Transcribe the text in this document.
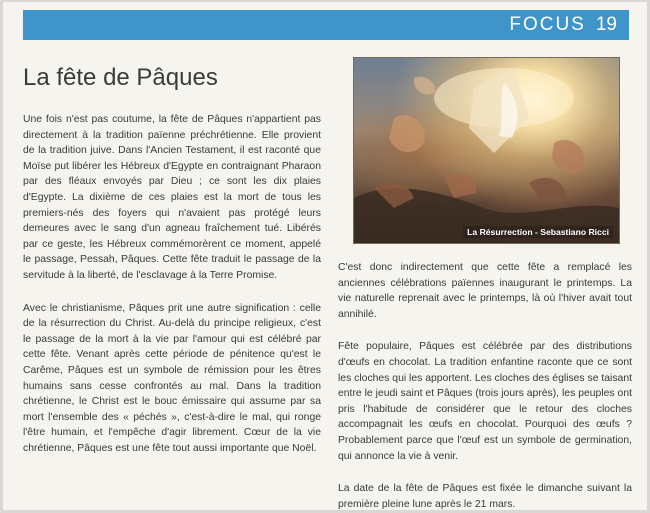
FOCUS 19
La fête de Pâques

Une fois n'est pas coutume, la fête de Pâques n'appartient pas directement à la tradition païenne préchrétienne. Elle provient de la tradition juive. Dans l'Ancien Testament, il est raconté que Moïse put libérer les Hébreux d'Egypte en contraignant Pharaon par des fléaux envoyés par Dieu ; ce sont les dix plaies d'Egypte. La dixième de ces plaies est la mort de tous les premiers-nés des foyers qui n'avaient pas protégé leurs demeures avec le sang d'un agneau fraîchement tué. Libérés par ce geste, les Hébreux commémorèrent ce moment, appelé le passage, Pessah, Pâques. Cette fête traduit le passage de la servitude à la liberté, de l'esclavage à la Terre Promise.

Avec le christianisme, Pâques prit une autre signification : celle de la résurrection du Christ. Au-delà du principe religieux, c'est le passage de la mort à la vie par l'amour qui est célébré par cette fête. Venant après cette période de pénitence qu'est le Carême, Pâques est un symbole de rémission pour les êtres humains sans cesse confrontés au mal. Dans la tradition chrétienne, le Christ est le bouc émissaire qui assume par sa mort l'ensemble des « péchés », c'est-à-dire le mal, qui ronge l'être humain, et l'empêche d'agir librement. Cœur de la vie chrétienne, Pâques est une fête tout aussi importante que Noël.

La Résurrection - Sebastiano Ricci

C'est donc indirectement que cette fête a remplacé les anciennes célébrations païennes inaugurant le printemps. La vie naturelle reprenait avec le printemps, là où l'hiver avait tout annihilé.

Fête populaire, Pâques est célébrée par des distributions d'œufs en chocolat. La tradition enfantine raconte que ce sont les cloches qui les apportent. Les cloches des églises se taisant entre le jeudi saint et Pâques (trois jours après), les peuples ont pris l'habitude de considérer que le retour des cloches accompagnait les œufs en chocolat. Pourquoi des œufs ? Probablement parce que l'œuf est un symbole de germination, qui annonce la vie à venir.

La date de la fête de Pâques est fixée le dimanche suivant la première pleine lune après le 21 mars.
